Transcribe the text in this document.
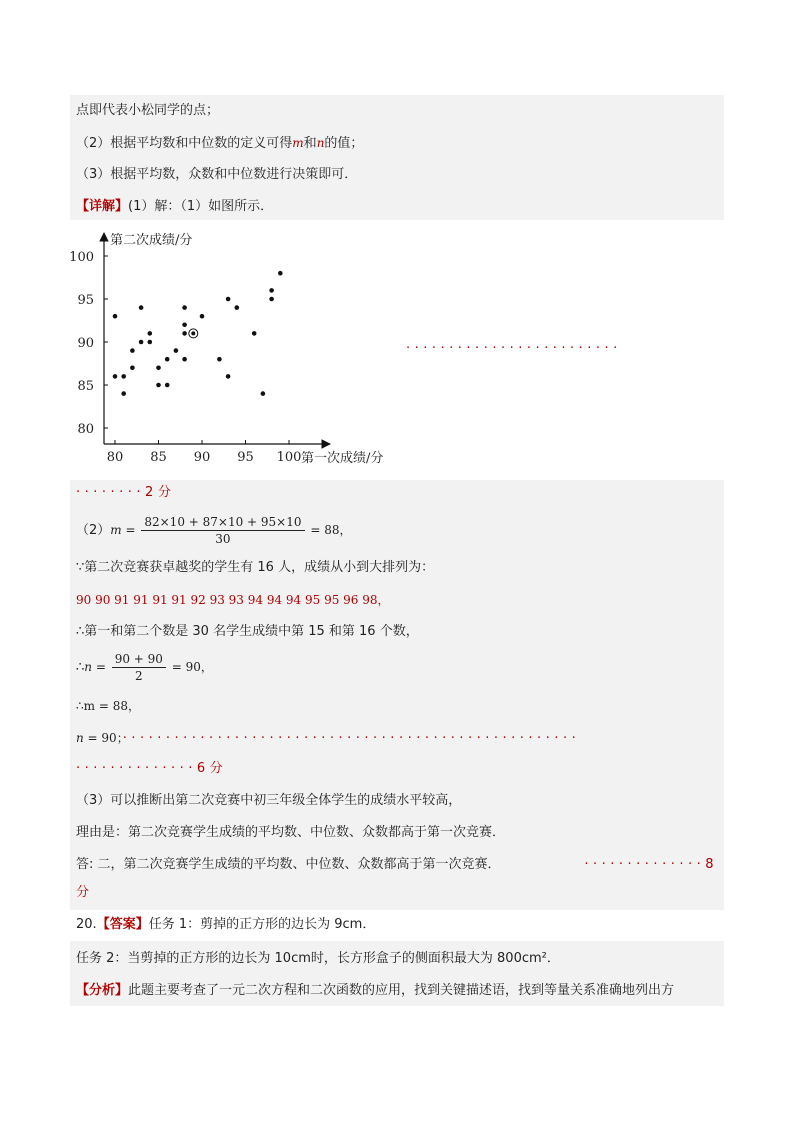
点即代表小松同学的点；
（2）根据平均数和中位数的定义可得m和n的值；
（3）根据平均数，众数和中位数进行决策即可．
【详解】(1）解：（1）如图所示．
80 85 90 95 100
80
85
90
95
100
第二次成绩/分
第一次成绩/分
·························
········2分
$(2)m = \frac{82\times 10 + 87\times 10 + 95\times 10}{30} = 88$，
∵第二次竞赛获卓越奖的学生有 16 人，成绩从小到大排列为：
90 90 91 91 91 91 92 93 93 94 94 94 95 95 96 98，
∴第一和第二个数是 30 名学生成绩中第 15 和第 16 个数，
∴n = $\frac{90 + 90}{2} = 90$，
∴m = 88，
n = 90；·····················································
··············6分
（3）可以推断出第二次竞赛中初三年级全体学生的成绩水平较高，
理由是：第二次竞赛学生成绩的平均数、中位数、众数都高于第一次竞赛．
答: 二，第二次竞赛学生成绩的平均数、中位数、众数都高于第一次竞赛．	··············8
分
20.【答案】任务 1：剪掉的正方形的边长为 9cm．
任务 2：当剪掉的正方形的边长为 10cm时，长方形盒子的侧面积最大为 800cm²．
【分析】此题主要考查了一元二次方程和二次函数的应用，找到关键描述语，找到等量关系准确地列出方
